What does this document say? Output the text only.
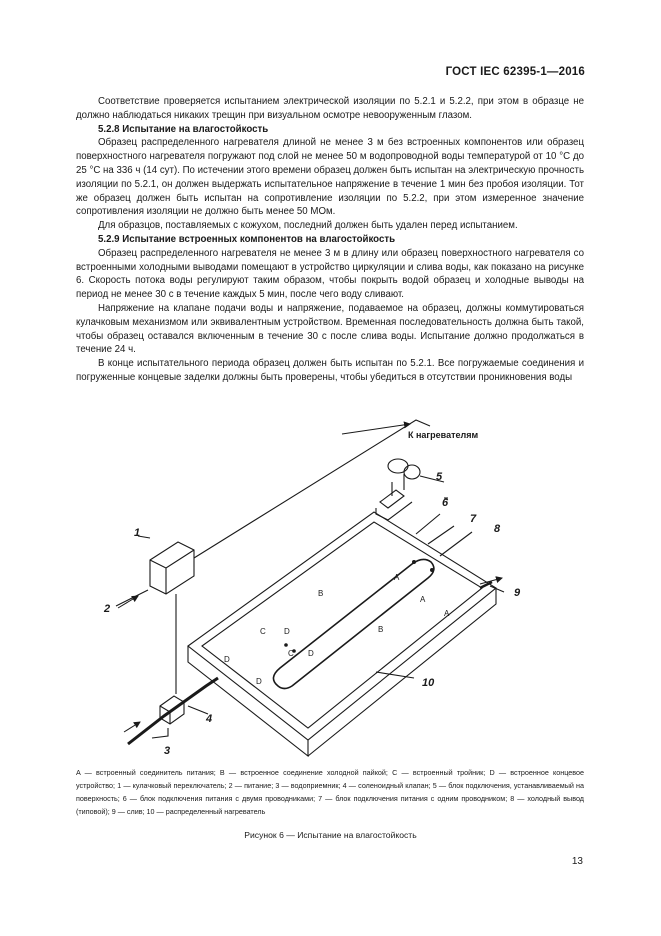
ГОСТ IEC 62395-1—2016

Соответствие проверяется испытанием электрической изоляции по 5.2.1 и 5.2.2, при этом в образце не должно наблюдаться никаких трещин при визуальном осмотре невооруженным глазом.

5.2.8 Испытание на влагостойкость

Образец распределенного нагревателя длиной не менее 3 м без встроенных компонентов или образец поверхностного нагревателя погружают под слой не менее 50 м водопроводной воды температурой от 10 °С до 25 °С на 336 ч (14 сут). По истечении этого времени образец должен быть испытан на электрическую прочность изоляции по 5.2.1, он должен выдержать испытательное напряжение в течение 1 мин без пробоя изоляции. Тот же образец должен быть испытан на сопротивление изоляции по 5.2.2, при этом измеренное значение сопротивления изоляции не должно быть менее 50 МОм.

Для образцов, поставляемых с кожухом, последний должен быть удален перед испытанием.

5.2.9 Испытание встроенных компонентов на влагостойкость

Образец распределенного нагревателя не менее 3 м в длину или образец поверхностного нагревателя со встроенными холодными выводами помещают в устройство циркуляции и слива воды, как показано на рисунке 6. Скорость потока воды регулируют таким образом, чтобы покрыть водой образец и холодные выводы на период не менее 30 с в течение каждых 5 мин, после чего воду сливают.

Напряжение на клапане подачи воды и напряжение, подаваемое на образец, должны коммутироваться кулачковым механизмом или эквивалентным устройством. Временная последовательность должна быть такой, чтобы образец оставался включенным в течение 30 с после слива воды. Испытание должно продолжаться в течение 24 ч.

В конце испытательного периода образец должен быть испытан по 5.2.1. Все погружаемые соединения и погруженные концевые заделки должны быть проверены, чтобы убедиться в отсутствии проникновения воды

К нагревателям
1
2
3
4
5
6
7
8
9
10
A
A
A
B
B
C
C
D
D
D
D
A — встроенный соединитель питания; B — встроенное соединение холодной пайкой; C — встроенный тройник; D — встроенное концевое устройство; 1 — кулачковый переключатель; 2 — питание; 3 — водоприемник; 4 — соленоидный клапан; 5 — блок подключения, устанавливаемый на поверхность; 6 — блок подключения питания с двумя проводниками; 7 — блок подключения питания с одним проводником; 8 — холодный вывод (типовой); 9 — слив; 10 — распределенный нагреватель
Рисунок 6 — Испытание на влагостойкость
13
